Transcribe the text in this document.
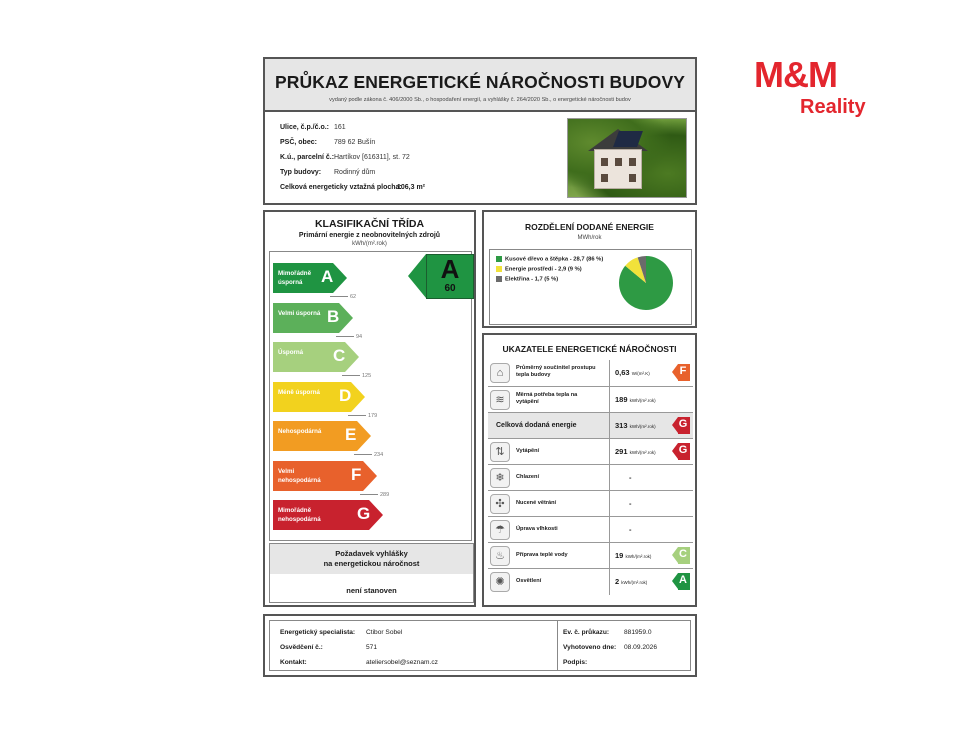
PRŮKAZ ENERGETICKÉ NÁROČNOSTI BUDOVY
vydaný podle zákona č. 406/2000 Sb., o hospodaření energií, a vyhlášky č. 264/2020 Sb., o energetické náročnosti budov
M&M
Reality
Ulice, č.p./č.o.: 161
PSČ, obec: 789 62 Bušín
K.ú., parcelní č.: Hartíkov [616311], st. 72
Typ budovy: Rodinný dům
Celková energeticky vztažná plocha:
106,3 m²
KLASIFIKAČNÍ TŘÍDA
Primární energie z neobnovitelných zdrojů
kWh/(m².rok)
Mimořádně úsporná	A
Velmi úsporná B
Úsporná	C
Méně úsporná	D
Nehospodárná	E
Velmi nehospodárná	F
Mimořádně nehospodárná	G
62
94
125
179
234
289
A
60
Požadavek vyhlášky
na energetickou náročnost
není stanoven
ROZDĚLENÍ DODANÉ ENERGIE
MWh/rok
Kusové dřevo a štěpka - 28,7 (86 %)
Energie prostředí - 2,9 (9 %)
Elektřina - 1,7 (5 %)
UKAZATELE ENERGETICKÉ NÁROČNOSTI
⌂	Průměrný součinitel prostupu tepla budovy	0,63 W/(m².K)	F
≋	Měrná potřeba tepla na vytápění	189 kWh/(m².rok)
Celková dodaná energie	313 kWh/(m².rok) G
⇅	Vytápění	291 kWh/(m².rok) G
❄	Chlazení	-
✣	Nucené větrání	-
☂	Úprava vlhkosti	-
♨	Příprava teplé vody	19 kWh/(m².rok)	C
✺	Osvětlení	2 kWh/(m².rok)	A
Energetický specialista: Ctibor Sobel
Osvědčení č.:	571
Kontakt:	ateliersobel@seznam.cz
Ev. č. průkazu: 881959.0
Vyhotoveno dne: 08.09.2026
Podpis:
